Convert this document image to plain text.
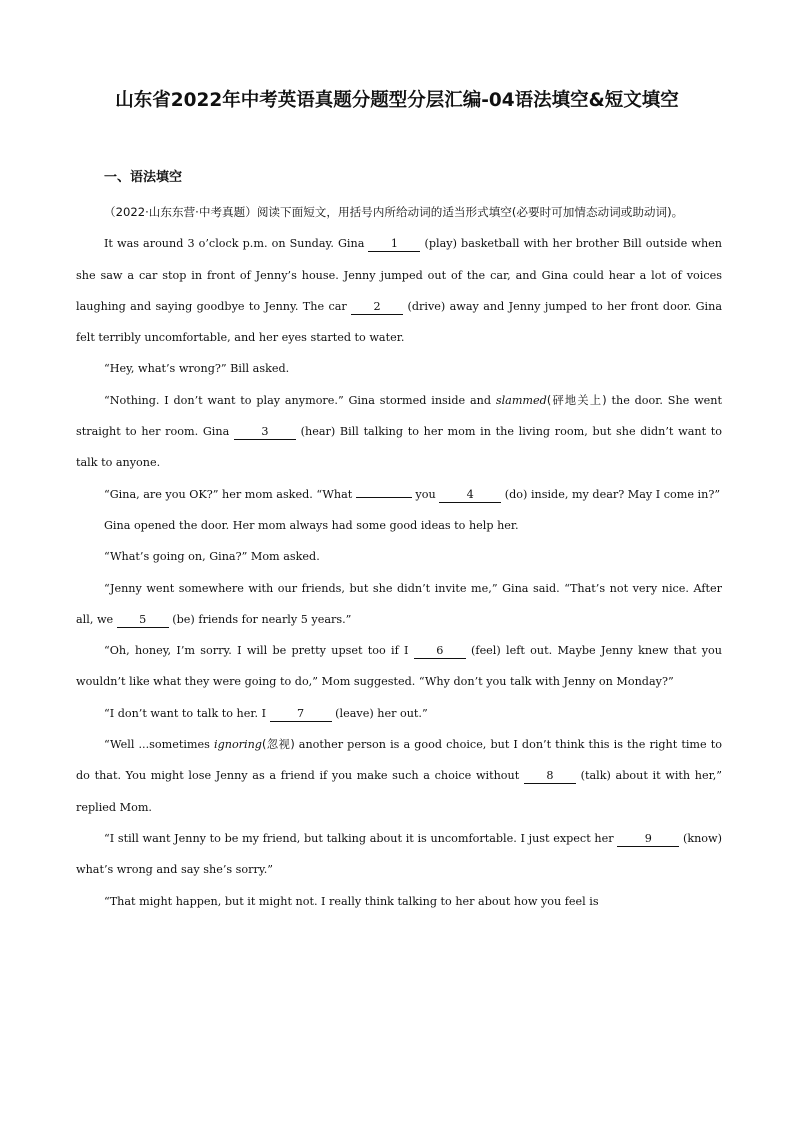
山东省2022年中考英语真题分题型分层汇编-04语法填空&短文填空
一、语法填空

（2022·山东东营·中考真题）阅读下面短文，用括号内所给动词的适当形式填空(必要时可加情态动词或助动词)。

It was around 3 o’clock p.m. on Sunday. Gina 1 (play) basketball with her brother Bill outside when she saw a car stop in front of Jenny’s house. Jenny jumped out of the car, and Gina could hear a lot of voices laughing and saying goodbye to Jenny. The car 2 (drive) away and Jenny jumped to her front door. Gina felt terribly uncomfortable, and her eyes started to water.

“Hey, what’s wrong?” Bill asked.

“Nothing. I don’t want to play anymore.” Gina stormed inside and slammed(砰地关上) the door. She went straight to her room. Gina 3 (hear) Bill talking to her mom in the living room, but she didn’t want to talk to anyone.

“Gina, are you OK?” her mom asked. “What	you 4 (do) inside, my dear? May I come in?”

Gina opened the door. Her mom always had some good ideas to help her.

“What’s going on, Gina?” Mom asked.

“Jenny went somewhere with our friends, but she didn’t invite me,” Gina said. “That’s not very nice. After all, we 5 (be) friends for nearly 5 years.”

“Oh, honey, I’m sorry. I will be pretty upset too if I 6 (feel) left out. Maybe Jenny knew that you wouldn’t like what they were going to do,” Mom suggested. “Why don’t you talk with Jenny on Monday?”

“I don’t want to talk to her. I 7 (leave) her out.”

“Well ...sometimes ignoring(忽视) another person is a good choice, but I don’t think this is the right time to do that. You might lose Jenny as a friend if you make such a choice without 8 (talk) about it with her,” replied Mom.

“I still want Jenny to be my friend, but talking about it is uncomfortable. I just expect her 9 (know) what’s wrong and say she’s sorry.”

“That might happen, but it might not. I really think talking to her about how you feel is
